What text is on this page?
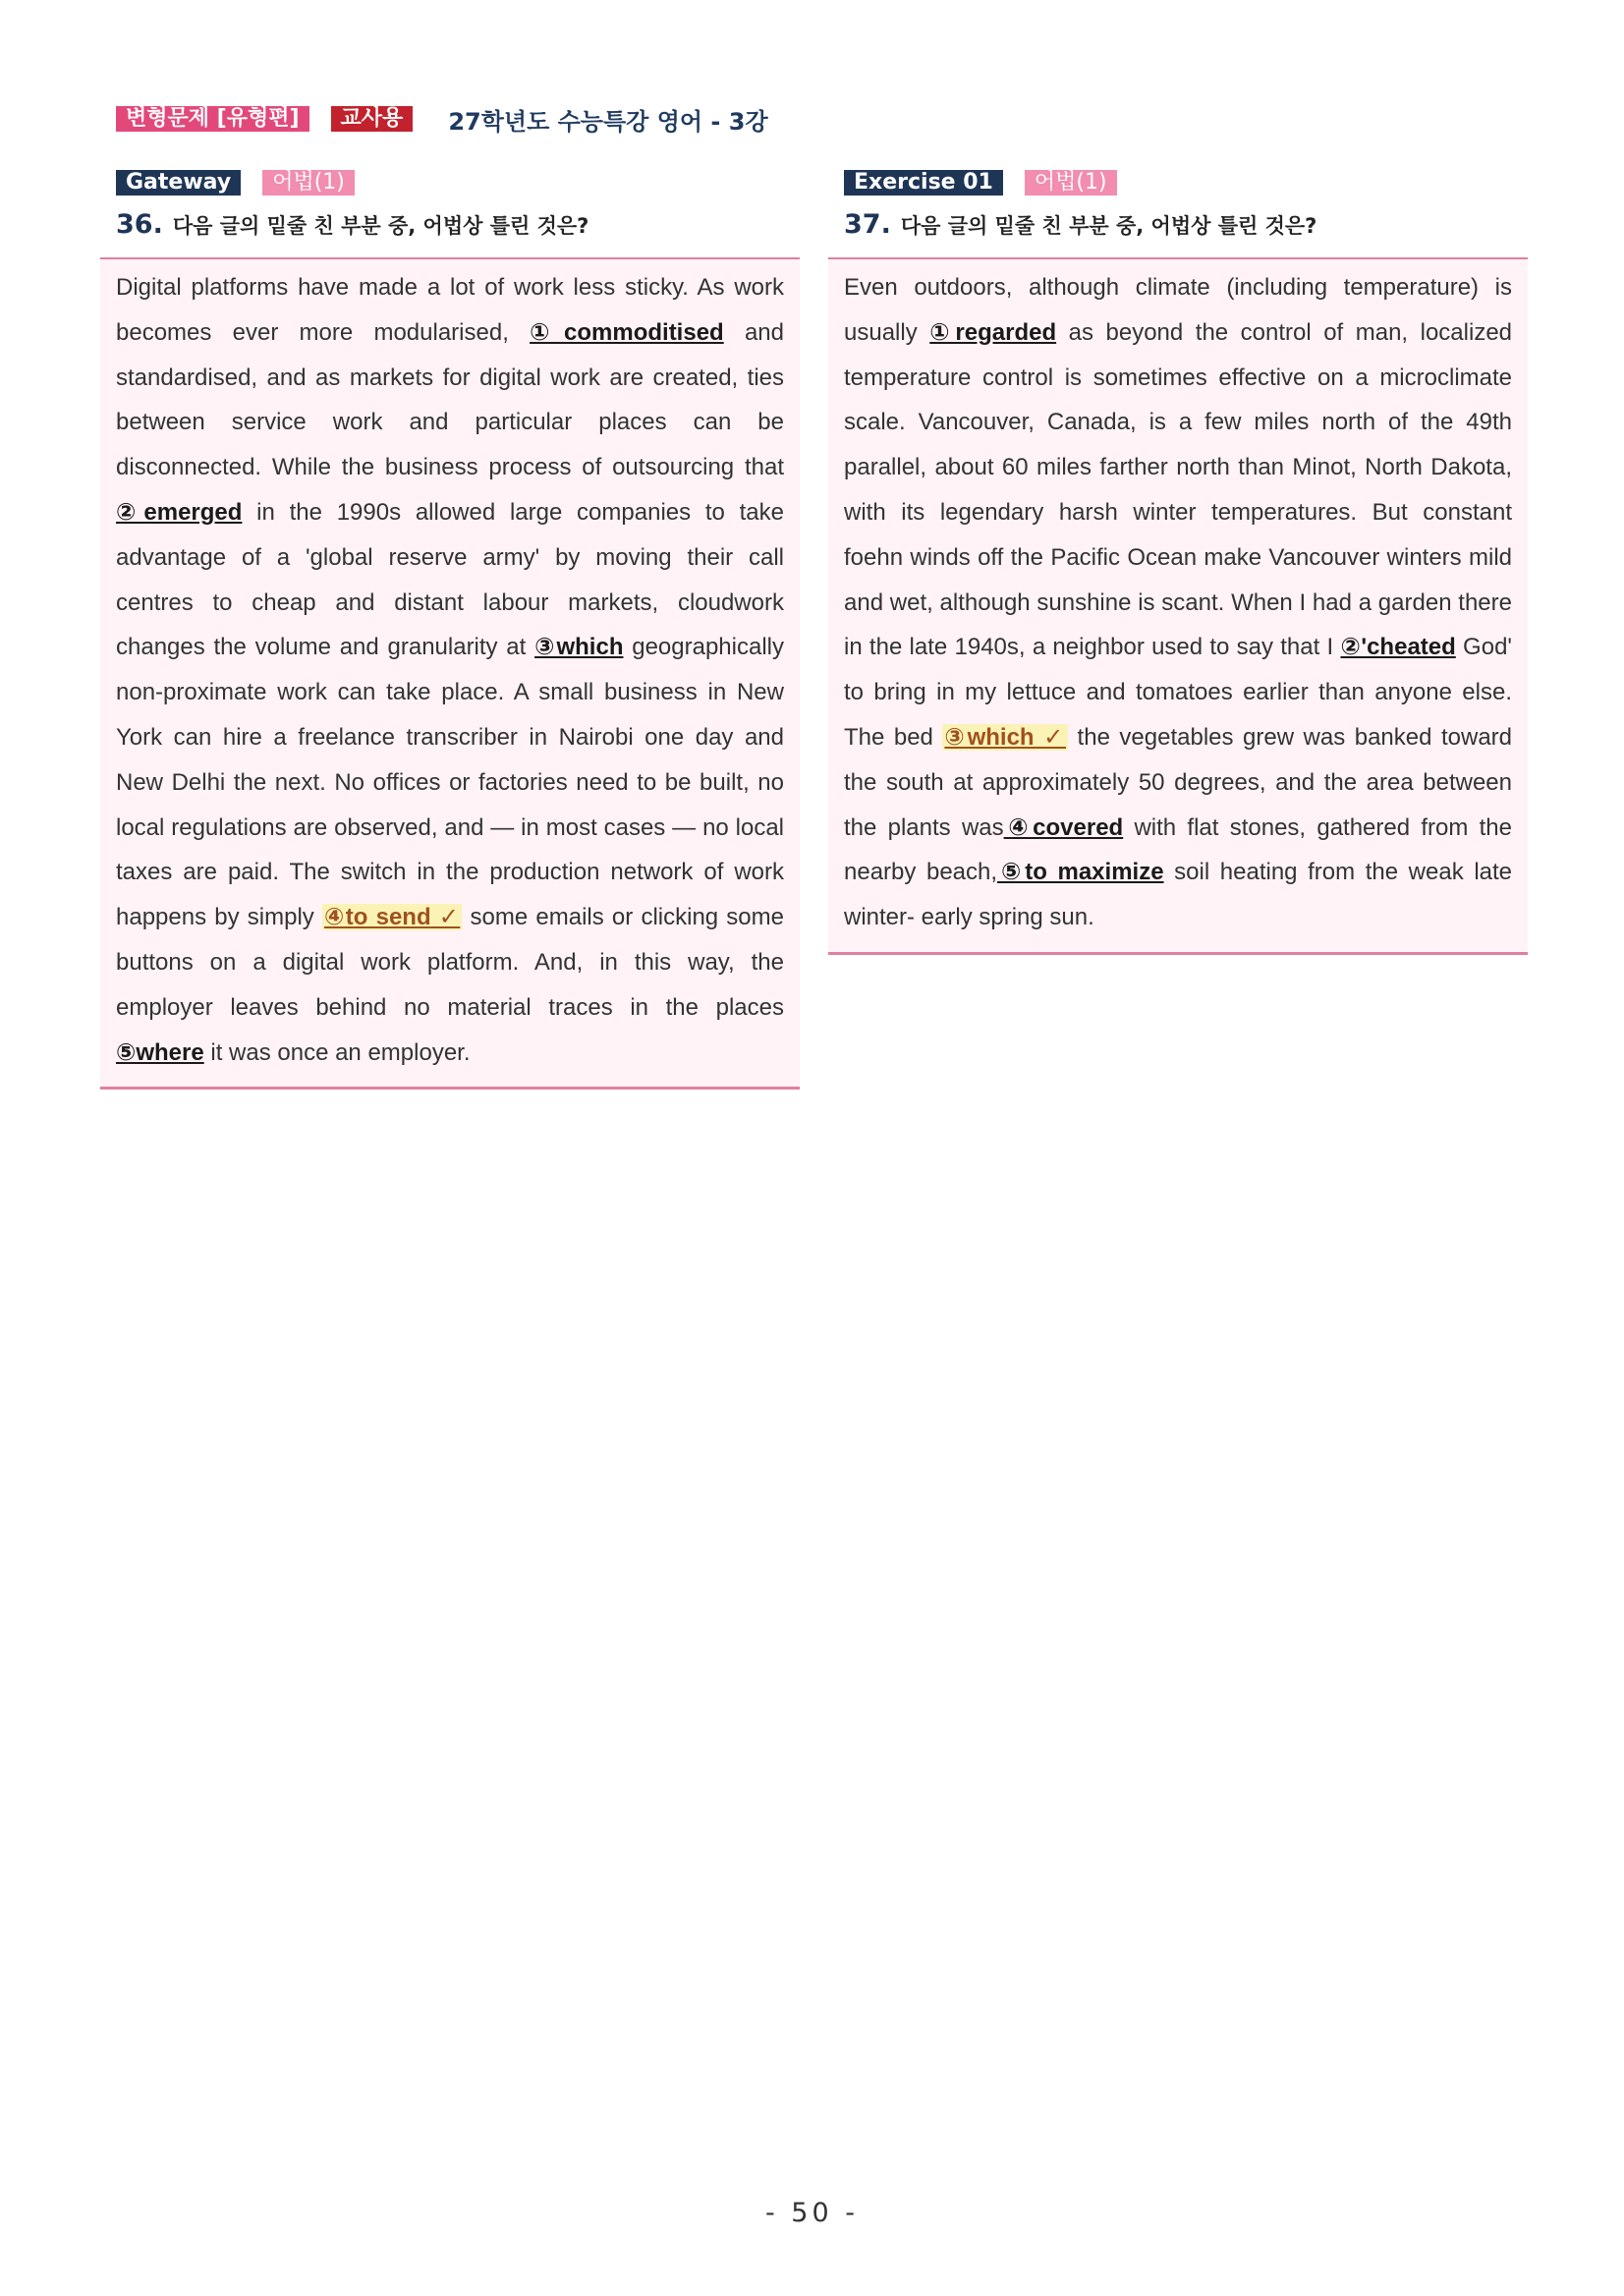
변형문제 [유형편]	교사용	27학년도 수능특강 영어 - 3강
Gateway	어법(1)
36. 다음 글의 밑줄 친 부분 중, 어법상 틀린 것은?
Digital platforms have made a lot of work less sticky. As work becomes ever more modularised, ①commoditised and standardised, and as markets for digital work are created, ties between service work and particular places can be disconnected. While the business process of outsourcing that ②emerged in the 1990s allowed large companies to take advantage of a 'global reserve army' by moving their call centres to cheap and distant labour markets, cloudwork changes the volume and granularity at ③which geographically non-proximate work can take place. A small business in New York can hire a freelance transcriber in Nairobi one day and New Delhi the next. No offices or factories need to be built, no local regulations are observed, and — in most cases — no local taxes are paid. The switch in the production network of work happens by simply ④to send ✓ some emails or clicking some buttons on a digital work platform. And, in this way, the employer leaves behind no material traces in the places ⑤where it was once an employer.
Exercise 01	어법(1)
37. 다음 글의 밑줄 친 부분 중, 어법상 틀린 것은?
Even outdoors, although climate (including temperature) is usually ①regarded as beyond the control of man, localized temperature control is sometimes effective on a microclimate scale. Vancouver, Canada, is a few miles north of the 49th parallel, about 60 miles farther north than Minot, North Dakota, with its legendary harsh winter temperatures. But constant foehn winds off the Pacific Ocean make Vancouver winters mild and wet, although sunshine is scant. When I had a garden there in the late 1940s, a neighbor used to say that I ②'cheated God' to bring in my lettuce and tomatoes earlier than anyone else. The bed ③which ✓ the vegetables grew was banked toward the south at approximately 50 degrees, and the area between the plants was④covered with flat stones, gathered from the nearby beach,⑤to maximize soil heating from the weak late winter- early spring sun.
- 50 -
